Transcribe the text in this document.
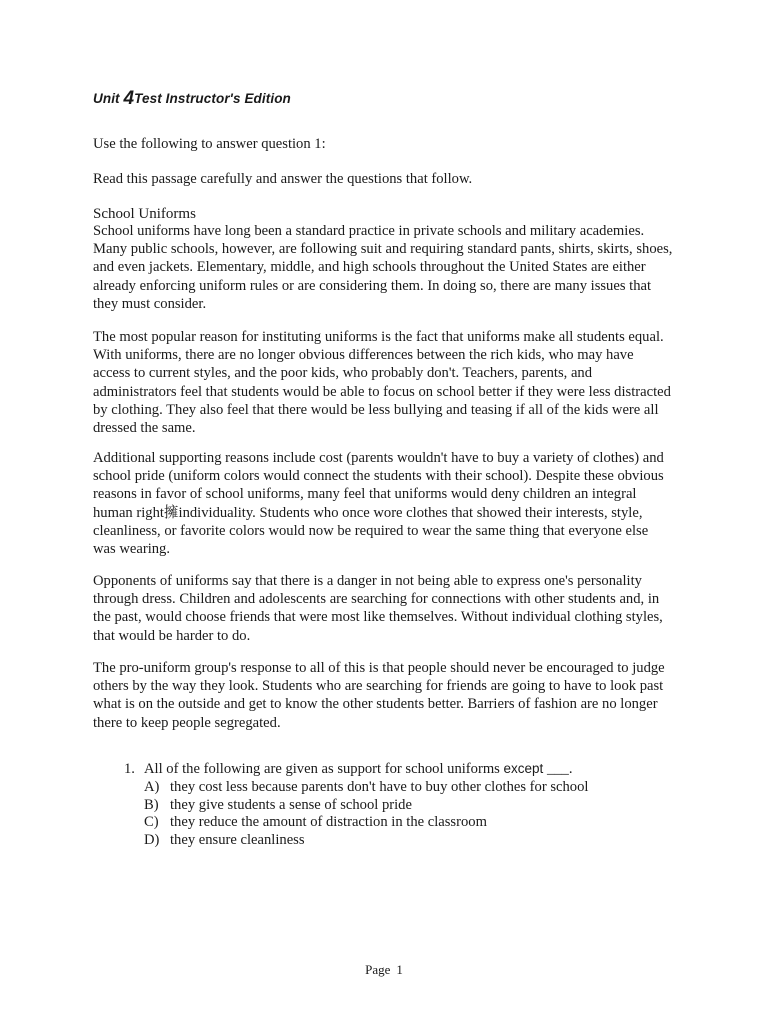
Unit 4Test Instructor's Edition
Use the following to answer question 1:
Read this passage carefully and answer the questions that follow.
School Uniforms

School uniforms have long been a standard practice in private schools and military academies. Many public schools, however, are following suit and requiring standard pants, shirts, skirts, shoes, and even jackets. Elementary, middle, and high schools throughout the United States are either already enforcing uniform rules or are considering them. In doing so, there are many issues that they must consider.

The most popular reason for instituting uniforms is the fact that uniforms make all students equal. With uniforms, there are no longer obvious differences between the rich kids, who may have access to current styles, and the poor kids, who probably don't. Teachers, parents, and administrators feel that students would be able to focus on school better if they were less distracted by clothing. They also feel that there would be less bullying and teasing if all of the kids were all dressed the same.

Additional supporting reasons include cost (parents wouldn't have to buy a variety of clothes) and school pride (uniform colors would connect the students with their school). Despite these obvious reasons in favor of school uniforms, many feel that uniforms would deny children an integral human right擁individuality. Students who once wore clothes that showed their interests, style, cleanliness, or favorite colors would now be required to wear the same thing that everyone else was wearing.

Opponents of uniforms say that there is a danger in not being able to express one's personality through dress. Children and adolescents are searching for connections with other students and, in the past, would choose friends that were most like themselves. Without individual clothing styles, that would be harder to do.

The pro-uniform group's response to all of this is that people should never be encouraged to judge others by the way they look. Students who are searching for friends are going to have to look past what is on the outside and get to know the other students better. Barriers of fashion are no longer there to keep people segregated.

1. All of the following are given as support for school uniforms except ___.
A) they cost less because parents don't have to buy other clothes for school
B) they give students a sense of school pride
C) they reduce the amount of distraction in the classroom
D) they ensure cleanliness
Page 1
